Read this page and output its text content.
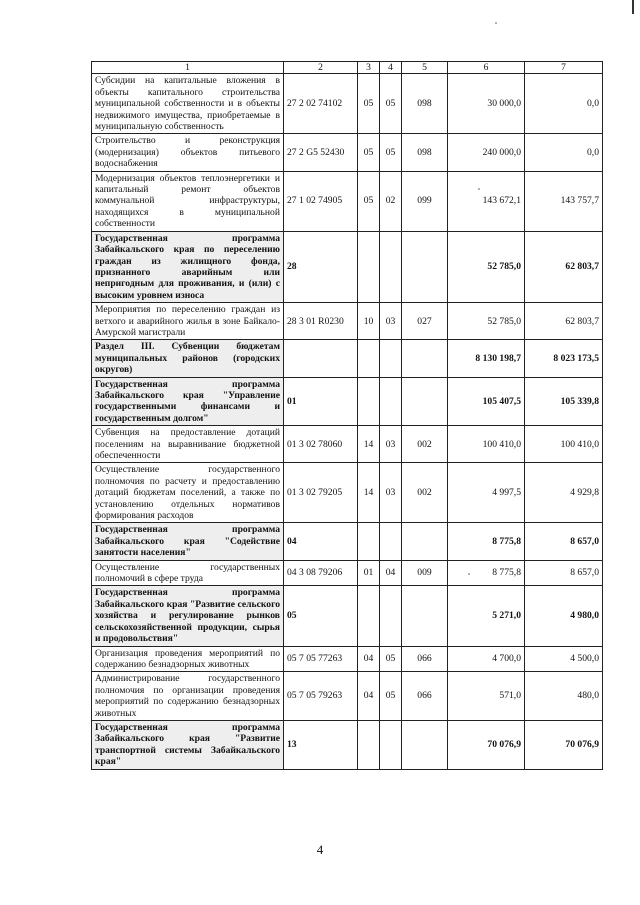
1	2	3	4	5	6	7
Субсидии на капитальные вложения в объекты капитального строительства муниципальной собственности и в объекты недвижимого имущества, приобретаемые в муниципальную собственность	27 2 02 74102	05	05	098	30 000,0	0,0
Строительство и реконструкция (модернизация) объектов питьевого водоснабжения	27 2 G5 52430	05	05	098	240 000,0	0,0
Модернизация объектов теплоэнергетики и капитальный ремонт объектов коммунальной инфраструктуры, находящихся в муниципальной собственности	27 1 02 74905	05	02	099	143 672,1	143 757,7
Государственная программа Забайкальского края по переселению граждан из жилищного фонда, признанного аварийным или непригодным для проживания, и (или) с высоким уровнем износа	28				52 785,0	62 803,7
Мероприятия по переселению граждан из ветхого и аварийного жилья в зоне Байкало-Амурской магистрали	28 3 01 R0230	10	03	027	52 785,0	62 803,7
Раздел III. Субвенции бюджетам муниципальных районов (городских округов)					8 130 198,7	8 023 173,5
Государственная программа Забайкальского края "Управление государственными финансами и государственным долгом"	01				105 407,5	105 339,8
Субвенция на предоставление дотаций поселениям на выравнивание бюджетной обеспеченности	01 3 02 78060	14	03	002	100 410,0	100 410,0
Осуществление государственного полномочия по расчету и предоставлению дотаций бюджетам поселений, а также по установлению отдельных нормативов формирования расходов	01 3 02 79205	14	03	002	4 997,5	4 929,8
Государственная программа Забайкальского края "Содействие занятости населения"	04				8 775,8	8 657,0
Осуществление государственных полномочий в сфере труда	04 3 08 79206	01	04	009	8 775,8	8 657,0
Государственная программа Забайкальского края "Развитие сельского хозяйства и регулирование рынков сельскохозяйственной продукции, сырья и продовольствия"	05				5 271,0	4 980,0
Организация проведения мероприятий по содержанию безнадзорных животных	05 7 05 77263	04	05	066	4 700,0	4 500,0
Администрирование государственного полномочия по организации проведения мероприятий по содержанию безнадзорных животных	05 7 05 79263	04	05	066	571,0	480,0
Государственная программа Забайкальского края "Развитие транспортной системы Забайкальского края"	13				70 076,9	70 076,9
4
